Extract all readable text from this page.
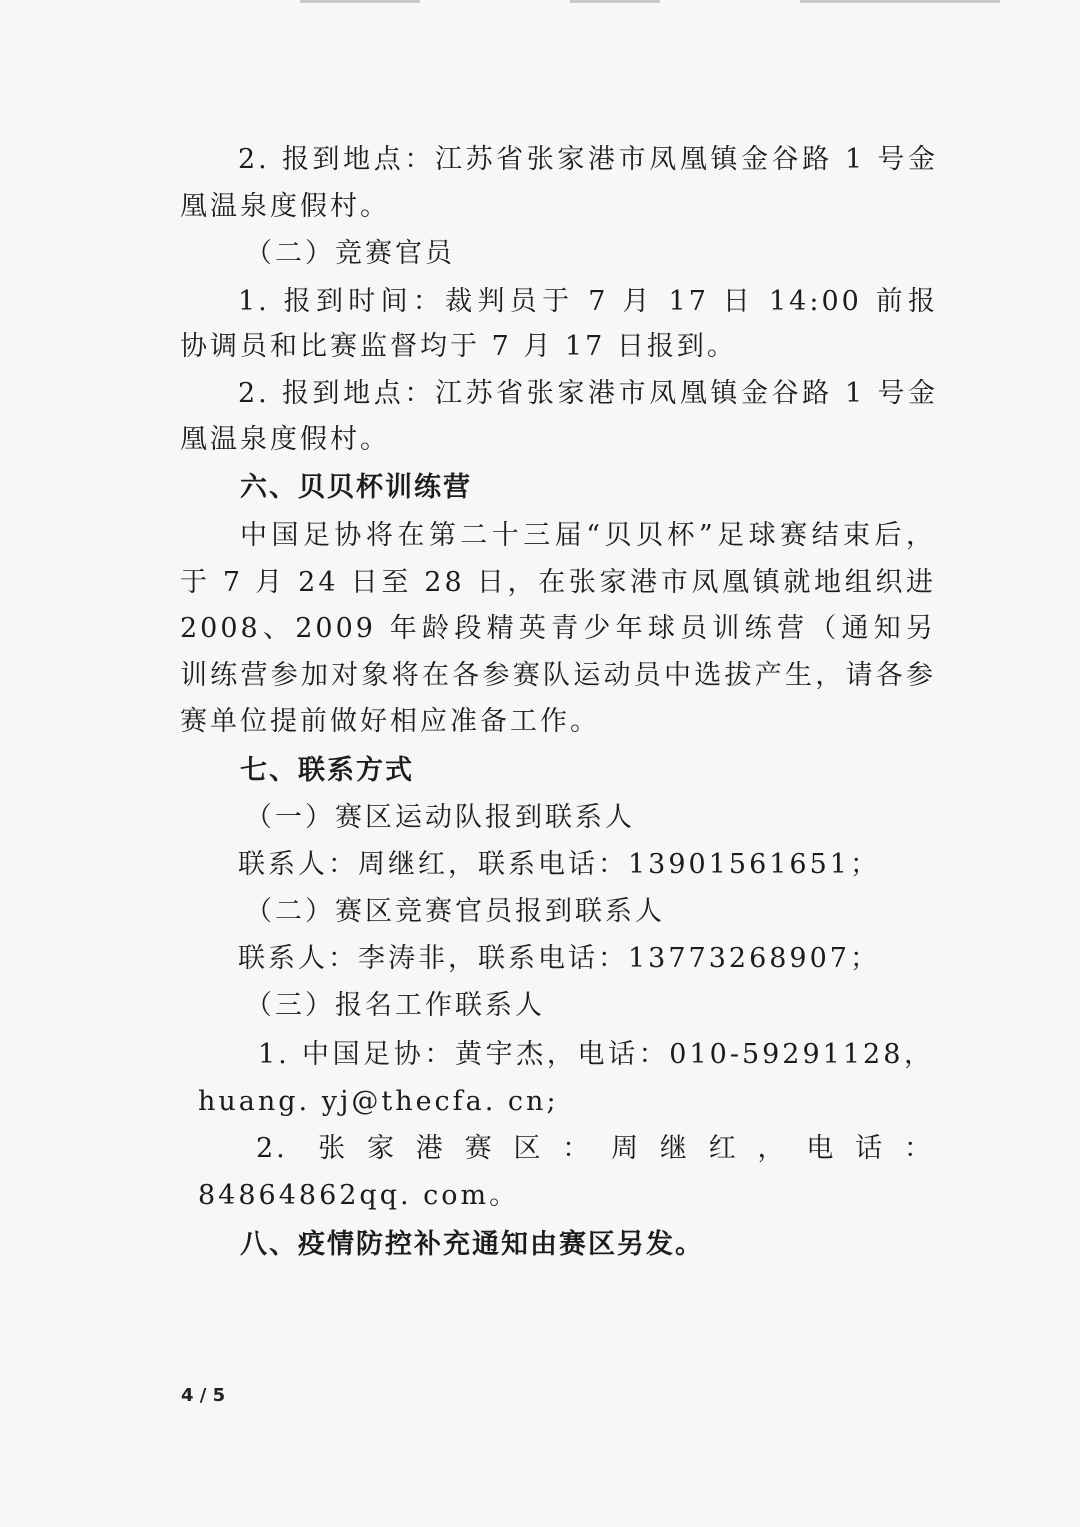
2. 报到地点：江苏省张家港市凤凰镇金谷路 1 号金
凰温泉度假村。
（二）竞赛官员
1. 报到时间：裁判员于 7 月 17 日 14:00 前报
协调员和比赛监督均于 7 月 17 日报到。
2. 报到地点：江苏省张家港市凤凰镇金谷路 1 号金
凰温泉度假村。
六、贝贝杯训练营
中国足协将在第二十三届“贝贝杯”足球赛结束后，
于 7 月 24 日至 28 日，在张家港市凤凰镇就地组织进
2008、2009 年龄段精英青少年球员训练营（通知另
训练营参加对象将在各参赛队运动员中选拔产生，请各参
赛单位提前做好相应准备工作。
七、联系方式
（一）赛区运动队报到联系人
联系人：周继红，联系电话：13901561651；
（二）赛区竞赛官员报到联系人
联系人：李涛非，联系电话：13773268907；
（三）报名工作联系人
1. 中国足协：黄宇杰，电话：010-59291128，
huang. yj@thecfa. cn;
2. 张家港赛区：周继红，电话：
84864862qq. com。
八、疫情防控补充通知由赛区另发。
4 / 5
